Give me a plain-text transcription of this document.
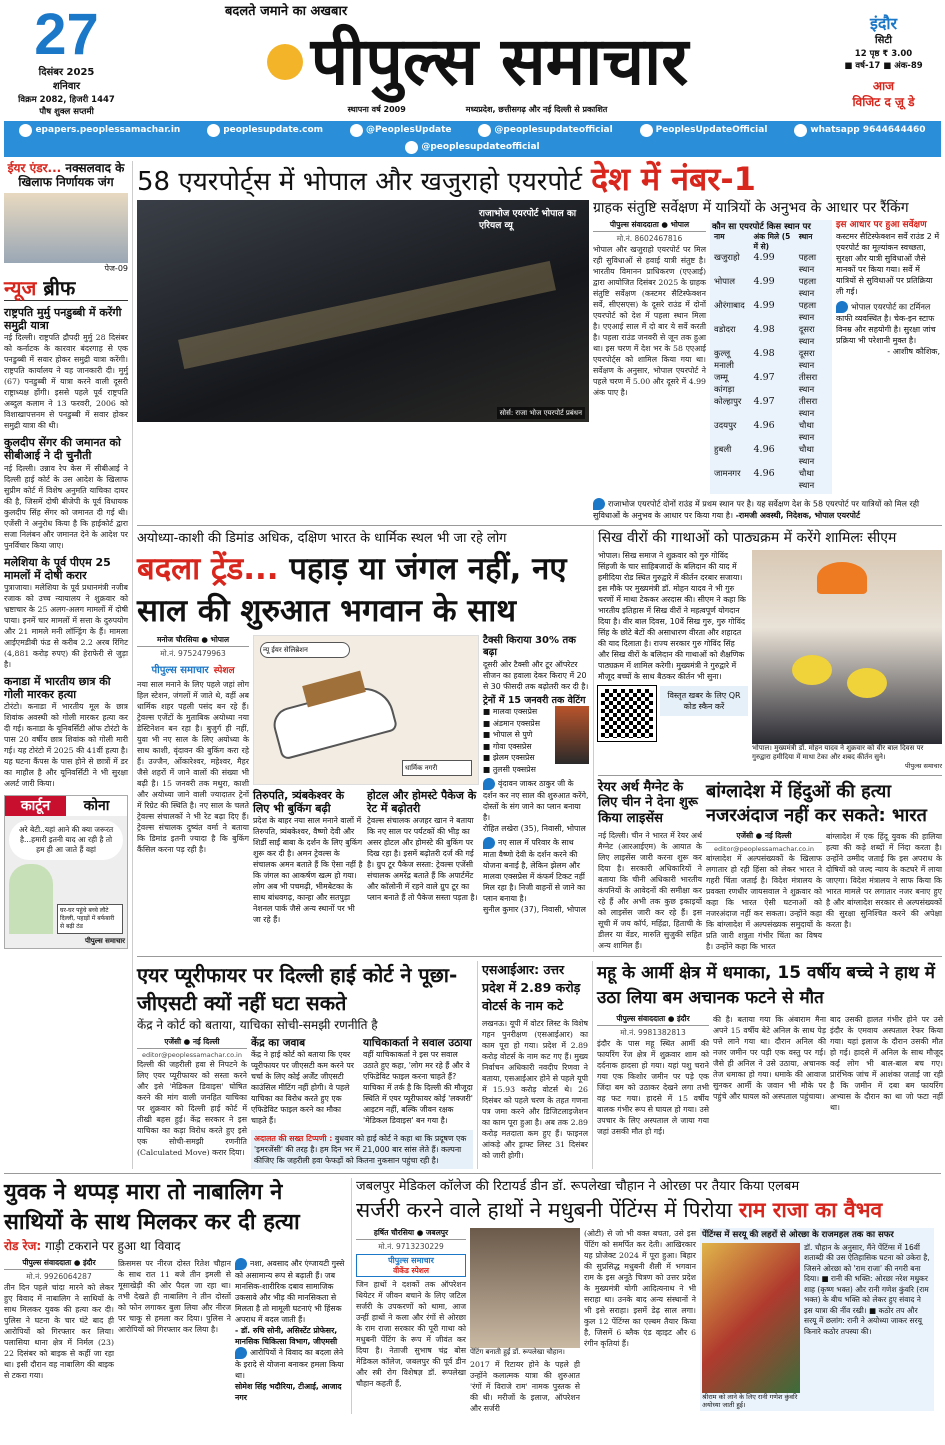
27
दिसंबर 2025
शनिवार
विक्रम 2082, हिजरी 1447
पौष शुक्ल सप्तमी
बदलते जमाने का अखबार
पीपुल्स समाचार
स्थापना वर्ष 2009	मध्यप्रदेश, छत्तीसगढ़ और नई दिल्ली से प्रकाशित
इंदौर
सिटी
12 पृष्ठ ₹ 3.00
■ वर्ष-17 ■ अंक-89
आज
विजिट द ज़ू डे
epapers.peoplessamachar.in	peoplesupdate.com	@PeoplesUpdate	@peoplesupdateofficial	PeoplesUpdateOfficial	whatsapp 9644644460
@peoplesupdateofficial
ईयर एंडर... नक्सलवाद के खिलाफ निर्णायक जंग
पेज-09
न्यूज ब्रीफ
राष्ट्रपति मुर्मु पनडुब्बी में करेंगी समुद्री यात्रा
नई दिल्ली। राष्ट्रपति द्रौपदी मुर्मु 28 दिसंबर को कर्नाटक के कारवार बंदरगाह से एक पनडुब्बी में सवार होकर समुद्री यात्रा करेंगी। राष्ट्रपति कार्यालय ने यह जानकारी दी। मुर्मु (67) पनडुब्बी में यात्रा करने वाली दूसरी राष्ट्राध्यक्ष होंगी। इससे पहले पूर्व राष्ट्रपति अब्दुल कलाम ने 13 फरवरी, 2006 को विशाखापत्तनम से पनडुब्बी में सवार होकर समुद्री यात्रा की थी।
कुलदीप सेंगर की जमानत को सीबीआई ने दी चुनौती
नई दिल्ली। उन्नाव रेप केस में सीबीआई ने दिल्ली हाई कोर्ट के उस आदेश के खिलाफ सुप्रीम कोर्ट में विशेष अनुमति याचिका दायर की है, जिसमें दोषी बीजेपी के पूर्व विधायक कुलदीप सिंह सेंगर को जमानत दी गई थी। एजेंसी ने अनुरोध किया है कि हाईकोर्ट द्वारा सजा निलंबन और जमानत देने के आदेश पर पुनर्विचार किया जाए।
मलेशिया के पूर्व पीएम 25 मामलों में दोषी करार
पुत्राजाया। मलेशिया के पूर्व प्रधानमंत्री नजीब रजाक को उच्च न्यायालय ने शुक्रवार को भ्रष्टाचार के 25 अलग-अलग मामलों में दोषी पाया। इनमें चार मामलों में सत्ता के दुरुपयोग और 21 मामले मनी लॉन्ड्रिंग के हैं। मामला आईएमडीबी फंड से करीब 2.2 अरब रिंगिट (4,881 करोड़ रुपए) की हेराफेरी से जुड़ा है।
कनाडा में भारतीय छात्र की गोली मारकर हत्या
टोरंटो। कनाडा में भारतीय मूल के छात्र शिवांक अवस्थी को गोली मारकर हत्या कर दी गई। कनाडा के यूनिवर्सिटी ऑफ टोरंटो के पास 20 वर्षीय छात्र शिवांक को गोली मारी गई। यह टोरंटो में 2025 की 41वीं हत्या है। यह घटना कैंपस के पास होने से छात्रों में डर का माहौल है और यूनिवर्सिटी ने भी सुरक्षा अलर्ट जारी किया।
कार्टून	कोना
अरे बेटी..यहां आने की क्या जरूरत है...हमारी इतनी याद आ रही है तो हम ही आ जाते हैं वहां
घर-घर पहुंचे बच्चे लौटे दिल्ली, पहाड़ों में बर्फबारी से बढ़ी ठंड
पीपुल्स समाचार
58 एयरपोर्ट्स में भोपाल और खजुराहो एयरपोर्ट देश में नंबर-1
राजाभोज एयरपोर्ट भोपाल का एरियल व्यू
सोर्स: राजा भोज एयरपोर्ट प्रबंधन
ग्राहक संतुष्टि सर्वेक्षण में यात्रियों के अनुभव के आधार पर रैंकिंग
पीपुल्स संवाददाता ● भोपाल
मो.नं. 8602467816
भोपाल और खजुराहो एयरपोर्ट पर मिल रही सुविधाओं से हवाई यात्री संतुष्ट है। भारतीय विमानन प्राधिकरण (एएआई) द्वारा आयोजित दिसंबर 2025 के ग्राहक संतुष्टि सर्वेक्षण (कस्टमर सैटिस्फेक्शन सर्वे, सीएसएस) के दूसरे राउंड में दोनों एयरपोर्ट को देश में पहला स्थान मिला है। एएआई साल में दो बार ये सर्वे करती है। पहला राउंड जनवरी से जून तक हुआ था। इस चरण में देश भर के 58 एएआई एयरपोर्ट्स को शामिल किया गया था। सर्वेक्षण के अनुसार, भोपाल एयरपोर्ट ने पहले चरण में 5.00 और दूसरे में 4.99 अंक पाए है।
कौन सा एयरपोर्ट किस स्थान पर
नाम	अंक मिले (5 में से)	स्थान
खजुराहो	4.99	पहला स्थान
भोपाल	4.99	पहला स्थान
औरंगाबाद	4.99	पहला स्थान
वडोदरा	4.98	दूसरा स्थान
कुल्लू मनाली	4.98	दूसरा स्थान
जम्मू कांगड़ा	4.97	तीसरा स्थान
कोल्हापुर	4.97	तीसरा स्थान
उदयपुर	4.96	चौथा स्थान
हुबली	4.96	चौथा स्थान
जामनगर	4.96	चौथा स्थान
इस आधार पर हुआ सर्वेक्षण
कस्टमर सैटिस्फेक्शन सर्वे राउंड 2 में एयरपोर्ट का मूल्यांकन स्वच्छता, सुरक्षा और यात्री सुविधाओं जैसे मानकों पर किया गया। सर्वे में यात्रियों से सुविधाओं पर प्रतिक्रिया ली गई।
भोपाल एयरपोर्ट का टर्मिनल काफी व्यवस्थित है। चेक-इन स्टाफ विनम्र और सहयोगी है। सुरक्षा जांच प्रक्रिया भी परेशानी मुक्त है।
- आशीष कौशिक,
राजाभोज एयरपोर्ट दोनों राउंड में प्रथम स्थान पर है। यह सर्वेक्षण देश के 58 एयरपोर्ट पर यात्रियों को मिल रही सुविधाओं के अनुभव के आधार पर किया गया है। -रामजी अवस्थी, निदेशक, भोपाल एयरपोर्ट
अयोध्या-काशी की डिमांड अधिक, दक्षिण भारत के धार्मिक स्थल भी जा रहे लोग
बदला ट्रेंड... पहाड़ या जंगल नहीं, नए साल की शुरुआत भगवान के साथ
मनोज चौरसिया ● भोपाल
मो.नं. 9752479963
पीपुल्स समाचार स्पेशल
नया साल मनाने के लिए पहले जहां लोग हिल स्टेशन, जंगलों में जाते थे, वहीं अब धार्मिक शहर पहली पसंद बन रहे हैं। ट्रेवल्स एजेंटों के मुताबिक अयोध्या नया डेस्टिनेशन बन रहा है। बुजुर्ग ही नहीं, युवा भी नए साल के लिए अयोध्या के साथ काशी, वृंदावन की बुकिंग करा रहे हैं। उज्जैन, ओंकारेश्वर, महेश्वर, मैहर जैसे शहरों में जाने वालों की संख्या भी बढ़ी है। 15 जनवरी तक मथुरा, काशी और अयोध्या जाने वाली ज्यादातर ट्रेनों में रिग्रेट की स्थिति है। नए साल के चलते ट्रेवल्स संचालकों ने भी रेट बढ़ा दिए हैं। ट्रेवल्स संचालक दुष्यंत वर्मा ने बताया कि डिमांड इतनी ज्यादा है कि बुकिंग कैंसिल करना पड़ रही है।
न्यू ईयर सेलिब्रेशन
धार्मिक नगरी
तिरुपति, त्र्यंबकेश्वर के लिए भी बुकिंग बढ़ी
प्रदेश के बाहर नया साल मनाने वालों में तिरुपति, त्र्यंबकेश्वर, वैष्णो देवी और शिर्डी साईं बाबा के दर्शन के लिए बुकिंग शुरू कर दी है। अमन ट्रेवल्स के संचालक अमन बताते हैं कि ऐसा नहीं है कि जंगल का आकर्षण खत्म हो गया। लोग अब भी पचमढ़ी, भीमबेटका के साथ बांधवगढ़, कान्हा और सतपुड़ा नेशनल पार्क जैसे अन्य स्थानों पर भी जा रहे हैं।
होटल और होमस्टे पैकेज के रेट में बढ़ोतरी
ट्रेवल्स संचालक अजहर खान ने बताया कि नए साल पर पर्यटकों की भीड़ का असर होटल और होमस्टे की बुकिंग पर दिख रहा है। इसमें बढ़ोतरी दर्ज की गई है। ग्रुप टूर पैकेज सस्ता: ट्रेवल्स एजेंसी संचालक अमरेंद्र बताते हैं कि अपार्टमेंट और कॉलोनी में रहने वाले ग्रुप टूर का प्लान बनाते हैं तो पैकेज सस्ता पड़ता है।
टैक्सी किराया 30% तक बढ़ा
दूसरी ओर टैक्सी और टूर ऑपरेटर सीजन का हवाला देकर किराए में 20 से 30 फीसदी तक बढ़ोतरी कर दी है।
ट्रेनों में 15 जनवरी तक वेटिंग
■ मालवा एक्सप्रेस
■ अंडमान एक्सप्रेस
■ भोपाल से पुणे
■ गोवा एक्सप्रेस
■ झेलम एक्सप्रेस
■ तुलसी एक्सप्रेस
वृंदावन जाकर ठाकुर जी के दर्शन कर नए साल की शुरुआत करेंगे, दोस्तों के संग जाने का प्लान बनाया है।
रोहित लखेरा (35), निवासी, भोपाल
नए साल में परिवार के साथ माता वैष्णो देवी के दर्शन करने की योजना बनाई है, लेकिन झेलम और मालवा एक्सप्रेस में कंफर्म टिकट नहीं मिल रहा है। निजी वाहनों से जाने का प्लान बनाया है।
सुनील कुमार (37), निवासी, भोपाल
सिख वीरों की गाथाओं को पाठ्यक्रम में करेंगे शामिलः सीएम
भोपाल। सिख समाज ने शुक्रवार को गुरु गोविंद सिंहजी के चार साहिबजादों के बलिदान की याद में हमीदिया रोड स्थित गुरुद्वारे में कीर्तन दरबार सजाया। इस मौके पर मुख्यमंत्री डॉ. मोहन यादव ने भी गुरु चरणों में माथा टेककर अरदास की। सीएम ने कहा कि भारतीय इतिहास में सिख वीरों ने महत्वपूर्ण योगदान दिया है। वीर बाल दिवस, 10वें सिख गुरु, गुरु गोविंद सिंह के छोटे बेटों की असाधारण वीरता और शहादत की याद दिलाता है। राज्य सरकार गुरु गोविंद सिंह और सिख वीरों के बलिदान की गाथाओं को शैक्षणिक पाठ्यक्रम में शामिल करेगी। मुख्यमंत्री ने गुरुद्वारे में मौजूद बच्चों के साथ बैठकर कीर्तन भी सुना।
विस्तृत खबर के लिए QR कोड स्कैन करें
भोपाल। मुख्यमंत्री डॉ. मोहन यादव ने शुक्रवार को वीर बाल दिवस पर गुरुद्वारा हमीदिया में माथा टेका और शबद कीर्तन सुने।
पीपुल्स समाचार
रेयर अर्थ मैग्नेट के लिए चीन ने देना शुरू किया लाइसेंस
नई दिल्ली। चीन ने भारत में रेयर अर्थ मैग्नेट (आरआईएम) के आयात के लिए लाइसेंस जारी करना शुरू कर दिया है। सरकारी अधिकारियों ने बताया कि चीनी अधिकारी भारतीय कंपनियों के आवेदनों की समीक्षा कर रहे हैं और अभी तक कुछ इकाइयों को लाइसेंस जारी कर रहे हैं। इस सूची में जय कॉर्प, महिंद्रा, हिताची के डीलर या वेंडर, मारुति सुजुकी सहित अन्य शामिल हैं।
बांग्लादेश में हिंदुओं की हत्या नजरअंदाज नहीं कर सकते: भारत
एजेंसी ● नई दिल्ली
editor@peoplessamachar.co.in
बांग्लादेश में अल्पसंख्यकों के खिलाफ लगातार हो रही हिंसा को लेकर भारत ने गहरी चिंता जताई है। विदेश मंत्रालय के प्रवक्ता रणधीर जायसवाल ने शुक्रवार को कहा कि भारत ऐसी घटनाओं को नजरअंदाज नहीं कर सकता। उन्होंने कहा कि बांग्लादेश में अल्पसंख्यक समुदायों के प्रति जारी शत्रुता गंभीर चिंता का विषय है। उन्होंने कहा कि भारत
बांग्लादेश में एक हिंदू युवक की हालिया हत्या की कड़े शब्दों में निंदा करता है। उन्होंने उम्मीद जताई कि इस अपराध के दोषियों को जल्द न्याय के कटघरे में लाया जाएगा। विदेश मंत्रालय ने साफ किया कि भारत मामले पर लगातार नजर बनाए हुए है और बांग्लादेश सरकार से अल्पसंख्यकों की सुरक्षा सुनिश्चित करने की अपेक्षा करता है।
एयर प्यूरीफायर पर दिल्ली हाई कोर्ट ने पूछा- जीएसटी क्यों नहीं घटा सकते
केंद्र ने कोर्ट को बताया, याचिका सोची-समझी रणनीति है
एजेंसी ● नई दिल्ली
editor@peoplessamachar.co.in
दिल्ली की जहरीली हवा से निपटने के लिए एयर प्यूरीफायर को सस्ता करने और इसे 'मेडिकल डिवाइस' घोषित करने की मांग वाली जनहित याचिका पर शुक्रवार को दिल्ली हाई कोर्ट में तीखी बहस हुई। केंद्र सरकार ने इस याचिका का कड़ा विरोध करते हुए इसे एक सोची-समझी रणनीति (Calculated Move) करार दिया।
केंद्र का जवाब
केंद्र ने हाई कोर्ट को बताया कि एयर प्यूरीफायर पर जीएसटी कम करने पर चर्चा के लिए कोई अर्जेंट जीएसटी काउंसिल मीटिंग नहीं होगी। वे पहले याचिका का विरोध करते हुए एक एफिडेविट फाइल करने का मौका चाहते हैं।
याचिकाकर्ता ने सवाल उठाया
वहीं याचिकाकर्ता ने इस पर सवाल उठाते हुए कहा, 'लोग मर रहे हैं और वे एफिडेविट फाइल करना चाहते हैं? याचिका में तर्क है कि दिल्ली की मौजूदा स्थिति में एयर प्यूरीफायर कोई 'लक्जरी' आइटम नहीं, बल्कि जीवन रक्षक 'मेडिकल डिवाइस' बन गया है।
अदालत की सख्त टिप्पणी : बुधवार को हाई कोर्ट ने कहा था कि प्रदूषण एक 'इमरजेंसी' की तरह है। हम दिन भर में 21,000 बार सांस लेते हैं। कल्पना कीजिए कि जहरीली हवा फेफड़ों को कितना नुकसान पहुंचा रही है।
एसआईआर: उत्तर प्रदेश में 2.89 करोड़ वोटर्स के नाम कटे
लखनऊ। यूपी में वोटर लिस्ट के विशेष गहन पुनरीक्षण (एसआईआर) का काम पूरा हो गया। प्रदेश में 2.89 करोड़ वोटर्स के नाम कट गए हैं। मुख्य निर्वाचन अधिकारी नवदीप रिणवा ने बताया, एसआईआर होने से पहले यूपी में 15.93 करोड़ वोटर्स थे। 26 दिसंबर को पहले चरण के तहत गणना पत्र जमा करने और डिजिटलाइजेशन का काम पूरा हुआ है। अब तक 2.89 करोड़ मतदाता कम हुए हैं। फाइनल आंकड़े और ड्राफ्ट लिस्ट 31 दिसंबर को जारी होगी।
महू के आर्मी क्षेत्र में धमाका, 15 वर्षीय बच्चे ने हाथ में उठा लिया बम अचानक फटने से मौत
पीपुल्स संवाददाता ● इंदौर
मो.नं. 9981382813
इंदौर के पास महू स्थित आर्मी की फायरिंग रेंज क्षेत्र में शुक्रवार शाम को दर्दनाक हादसा हो गया। यहां पशु चराने गया एक किशोर जमीन पर पड़े एक जिंदा बम को उठाकर देखने लगा तभी वह फट गया। हादसे में 15 वर्षीय बालक गंभीर रूप से घायल हो गया। उसे उपचार के लिए अस्पताल ले जाया गया जहां उसकी मौत हो गई।
की है। बताया गया कि अंबाराम मैना अपने 15 वर्षीय बेटे अनिल के साथ पेड़ पत्ते लाने गया था। दौरान अनिल की नजर जमीन पर पड़ी एक वस्तु पर गई। जैसे ही अनिल ने उसे उठाया, अचानक तेज धमाका हो गया। धमाके की आवाज सुनकर आर्मी के जवान भी मौके पर पहुंचे और घायल को अस्पताल पहुंचाया।
बाद उसकी हालत गंभीर होने पर उसे इंदौर के एमवाय अस्पताल रेफर किया गया। यहां इलाज के दौरान उसकी मौत हो गई। हादसे में अनिल के साथ मौजूद कई लोग भी बाल-बाल बच गए। प्रारंभिक जांच में आशंका जताई जा रही है कि जमीन में दबा बम फायरिंग अभ्यास के दौरान का था जो फटा नहीं था।
युवक ने थप्पड़ मारा तो नाबालिग ने साथियों के साथ मिलकर कर दी हत्या
रोड रेज: गाड़ी टकराने पर हुआ था विवाद
पीपुल्स संवाददाता ● इंदौर
मो.नं. 9926064287
तीन दिन पहले चांदा मारने को लेकर हुए विवाद में नाबालिग ने साथियों के साथ मिलकर युवक की हत्या कर दी। पुलिस ने घटना के चार घंटे बाद ही आरोपियों को गिरफ्तार कर लिया। पलासिया थाना क्षेत्र में निर्मल (23) 22 दिसंबर को बाइक से कहीं जा रहा था। इसी दौरान वह नाबालिग की बाइक से टकरा गया।
क्रिसमस पर नीरज दोस्त रितेश चौहान के साथ रात 11 बजे तीन इमली से मूसाखेड़ी की ओर पैदल जा रहा था। तभी देखते ही नाबालिग ने तीन दोस्तों को फोन लगाकर बुला लिया और नीरज पर चाकू से हमला कर दिया। पुलिस ने आरोपियों को गिरफ्तार कर लिया है।
नशा, अवसाद और एंग्जायटी गुस्से को असामान्य रूप से बढ़ाती हैं। जब मानसिक-शारीरिक दबाव सामाजिक उकसावे और भीड़ की मानसिकता से मिलता है तो मामूली घटनाएं भी हिंसक अपराध में बदल जाती हैं।
- डॉ. रुचि सोनी, असिस्टेंट प्रोफेसर, मानसिक चिकित्सा विभाग, जीएमसी
आरोपियों ने विवाद का बदला लेने के इरादे से योजना बनाकर हमला किया था।
सोमेश सिंह भदौरिया, टीआई, आजाद नगर
जबलपुर मेडिकल कॉलेज की रिटायर्ड डीन डॉ. रूपलेखा चौहान ने ओरछा पर तैयार किया एलबम
सर्जरी करने वाले हाथों ने मधुबनी पेंटिंग्स में पिरोया राम राजा का वैभव
हर्षित चौरसिया ● जबलपुर
मो.नं. 9713230229
पीपुल्स समाचार
वीकेंड स्पेशल
जिन हाथों ने दशकों तक ऑपरेशन थियेटर में जीवन बचाने के लिए जटिल सर्जरी के उपकरणों को थामा, आज उन्हीं हाथों ने कला और रंगों से ओरछा के राम राजा सरकार की पूरी गाथा को मधुबनी पेंटिंग के रूप में जीवंत कर दिया है। नेताजी सुभाष चंद्र बोस मेडिकल कॉलेज, जबलपुर की पूर्व डीन और स्त्री रोग विशेषज्ञ डॉ. रूपलेखा चौहान कहती हैं,
पेंटिंग बनाती हुईं डॉ. रूपलेखा चौहान।
2017 में रिटायर होने के पहले ही उन्होंने कलात्मक यात्रा की शुरुआत 'रंगों में विराजे राम' नामक पुस्तक से की थी। मरीजों के इलाज, ऑपरेशन और सर्जरी
(ओटी) से जो भी वक्त बचता, उसे इस पेंटिंग को समर्पित कर देती। आखिरकार यह प्रोजेक्ट 2024 में पूरा हुआ। बिहार की सुप्रसिद्ध मधुबनी शैली में भगवान राम के इस अनूठे चित्रण को उत्तर प्रदेश के मुख्यमंत्री योगी आदित्यनाथ ने भी सराहा था। उनके बाद अन्य संस्थानों ने भी इसे सराहा। इसमें डेढ़ साल लगा। कुल 12 पेंटिंग्स का एल्बम तैयार किया है, जिसमें 6 ब्लैक एंड व्हाइट और 6 रंगीन कृतियां हैं।
पेंटिंग्स में सरयू की लहरों से ओरछा के राजमहल तक का सफर
श्रीराम को लाने के लिए रानी गणेश कुंवरि अयोध्या जाती हुई।
डॉ. चौहान के अनुसार, मैंने पेंटिंग्स में 16वीं शताब्दी की उस ऐतिहासिक घटना को उकेरा है, जिसने ओरछा को 'राम राजा' की नगरी बना दिया। ■ रानी की भक्ति: ओरछा नरेश मधुकर शाह (कृष्ण भक्त) और रानी गणेश कुंवरि (राम भक्त) के बीच भक्ति को लेकर हुए संवाद ने इस यात्रा की नींव रखी। ■ कठोर तप और सरयू में छलांग: रानी ने अयोध्या जाकर सरयू किनारे कठोर तपस्या की।
